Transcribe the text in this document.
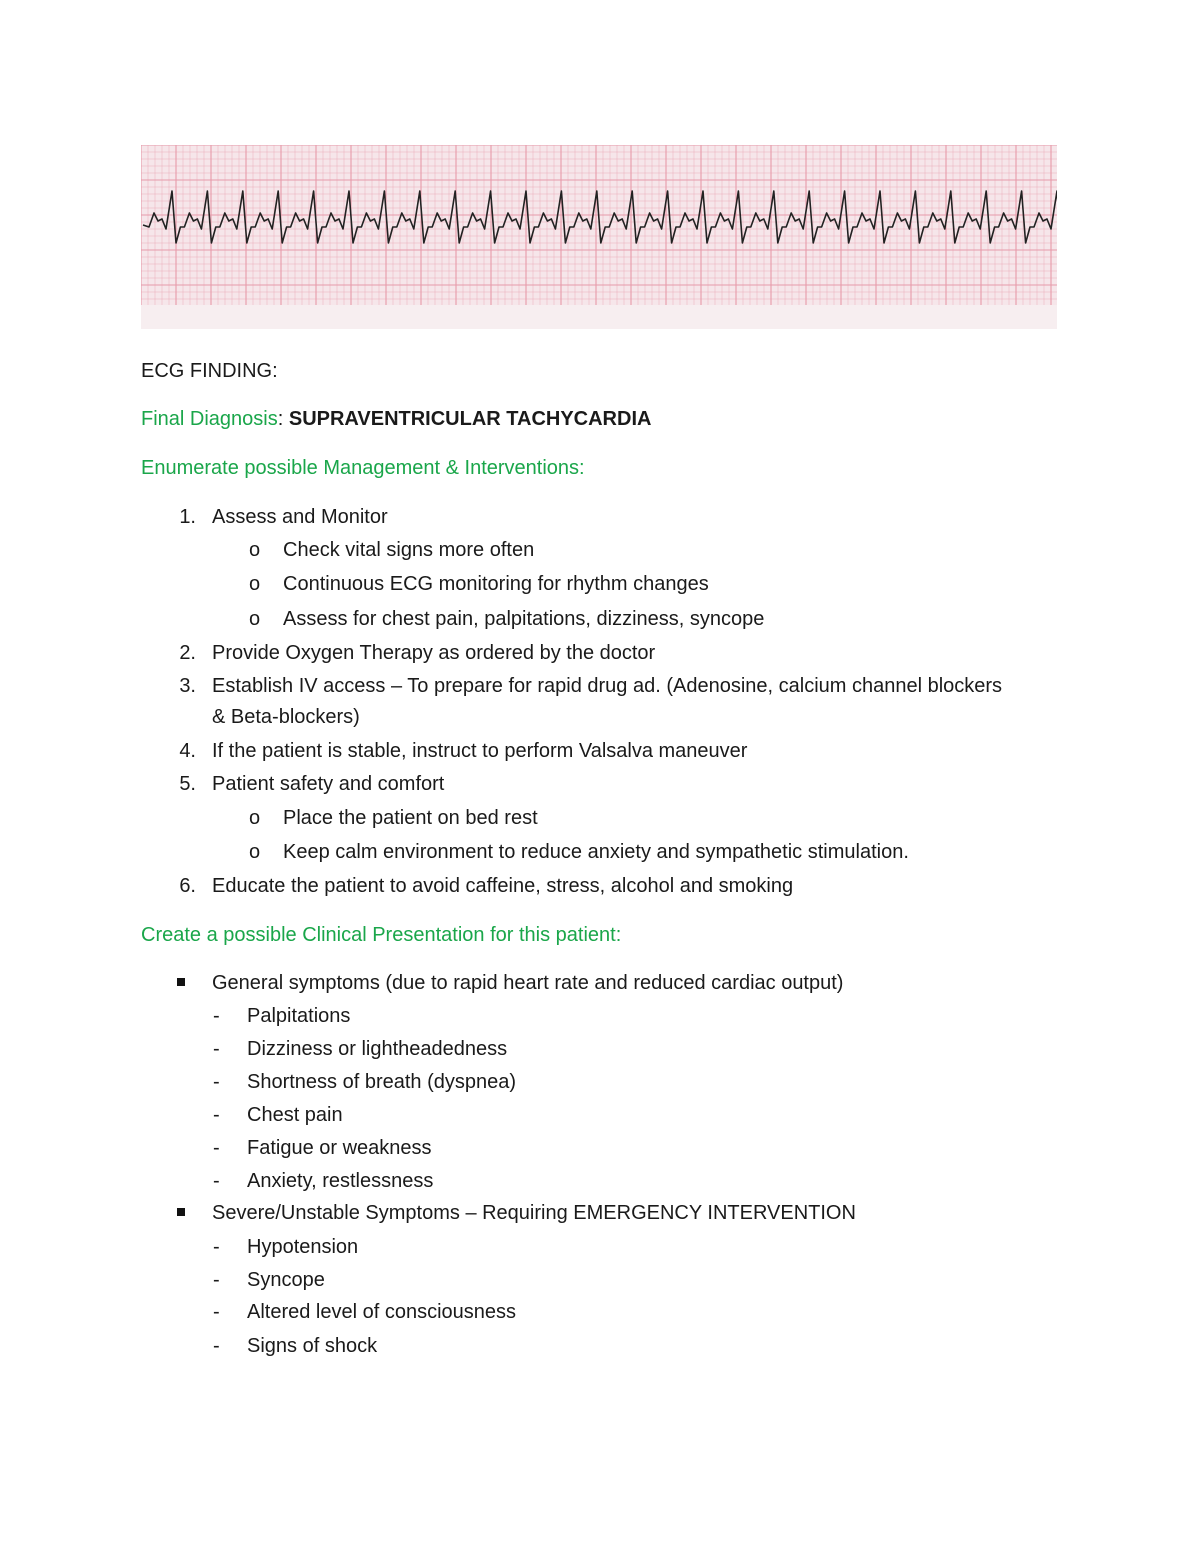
ECG FINDING:
Final Diagnosis: SUPRAVENTRICULAR TACHYCARDIA
Enumerate possible Management & Interventions:
1. Assess and Monitor
o Check vital signs more often
o Continuous ECG monitoring for rhythm changes
o Assess for chest pain, palpitations, dizziness, syncope
2. Provide Oxygen Therapy as ordered by the doctor
3. Establish IV access – To prepare for rapid drug ad. (Adenosine, calcium channel blockers
& Beta-blockers)
4. If the patient is stable, instruct to perform Valsalva maneuver
5. Patient safety and comfort
o Place the patient on bed rest
o Keep calm environment to reduce anxiety and sympathetic stimulation.
6. Educate the patient to avoid caffeine, stress, alcohol and smoking
Create a possible Clinical Presentation for this patient:
General symptoms (due to rapid heart rate and reduced cardiac output)
- Palpitations
- Dizziness or lightheadedness
- Shortness of breath (dyspnea)
- Chest pain
- Fatigue or weakness
- Anxiety, restlessness
Severe/Unstable Symptoms – Requiring EMERGENCY INTERVENTION
- Hypotension
- Syncope
- Altered level of consciousness
- Signs of shock
